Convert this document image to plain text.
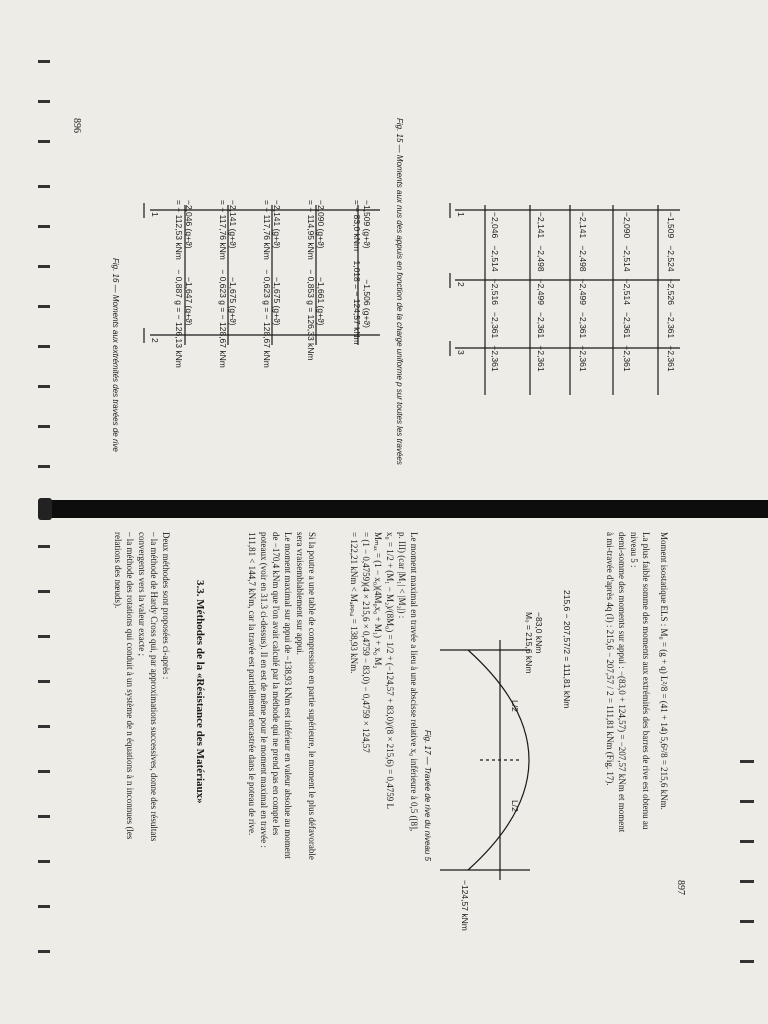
896	Fig. 15 — Moments aux nus des appuis en fonction de la charge uniforme p sur toutes les travées
Fig. 16 — Moments aux extrémités des travées de rive
−1,509   −2,524   −2,526   −2,361   −2,361
−2,090   −2,514   −2,514   −2,361   −2,361
−2,141   −2,498   −2,499   −2,361   −2,361
−2,141   −2,498   −2,499   −2,361   −2,361
−2,046   −2,514   −2,516   −2,361   −2,361
1
2
3
−1,509 (g+ϑ)             −1,506 (g+ϑ)
= − 83,0 kNm    1,018 = − 124,57 kNm
−2,090 (g+ϑ)            −1,661 (g+ϑ)
= − 114,95 kNm    − 0,853 g = 126,33 kNm
−2,141 (g+ϑ)            −1,675 (g+ϑ)
= − 117,76 kNm    − 0,623 g = − 128,67 kNm
−2,141 (g+ϑ)            −1,675 (g+ϑ)
= − 117,76 kNm    − 0,623 g = − 128,67 kNm
−2,046 (g+ϑ)            −1,647 (g+ϑ)
= − 112,53 kNm    − 0,887 g = − 126,13 kNm
1
2
897
Moment isostatique ELS : M₀ = (g + q) L²/8 = (41 + 14) 5,6²/8 = 215,6 kNm.
La plus faible somme des moments aux extrémités des barres de rive est obtenu au
niveau 5 :
demi-somme des moments sur appui : −(83,0 + 124,57) = −207,57 kNm et moment
à mi-travée d'après 4q (I) : 215,6 − 207,57 / 2 = 111,81 kNm (Fig. 17).
215,6 − 207,57/2 = 111,81 kNm
−83,0 kNm
M₀ = 215,6 kNm
−124,57 kNm
L/2
L/2
Fig. 17 — Travée de rive du niveau 5
Le moment maximal en travée a lieu à une abscisse relative x₀ inférieure à 0,5 ([8],
p. III) (car |M₁| < |M₂|) :
x₀ = 1/2 + (M₁ − M₂)/(8M₀) = 1/2 + (−124,57 + 83,0)/(8 × 215,6) = 0,4759 L
Mₘₐₓ = (1 − x₀)(4M₀x₀ + M₁) + x₀ M₂
= (1 − 0,4759)(4 × 215,6 × 0,4759 − 83,0) − 0,4759 × 124,57
= 122,21 kNm < Mₐₚₚᵤᵢ = 138,93 kNm.
Si la poutre a une table de compression en partie supérieure, le moment le plus défavorable
sera vraisemblablement sur appui.
Le moment maximal sur appui de −138,93 kNm est inférieur en valeur absolue au moment
de −170,4 kNm que l'on avait calculé par la méthode qui ne prend pas en compte les
poteaux (voir en 31.3 ci-dessus). Il en est de même pour le moment maximal en travée :
111,81 < 144,7 kNm, car la travée est partiellement encastrée dans le poteau de rive.
3.3. Méthodes de la «Résistance des Matériaux»
Deux méthodes sont proposées ci-après :
– la méthode de Hardy Cross qui, par approximations successives, donne des résultats
convergents vers la valeur exacte ;
– la méthode des rotations qui conduit à un système de n équations à n inconnues (les
relations des nœuds).
